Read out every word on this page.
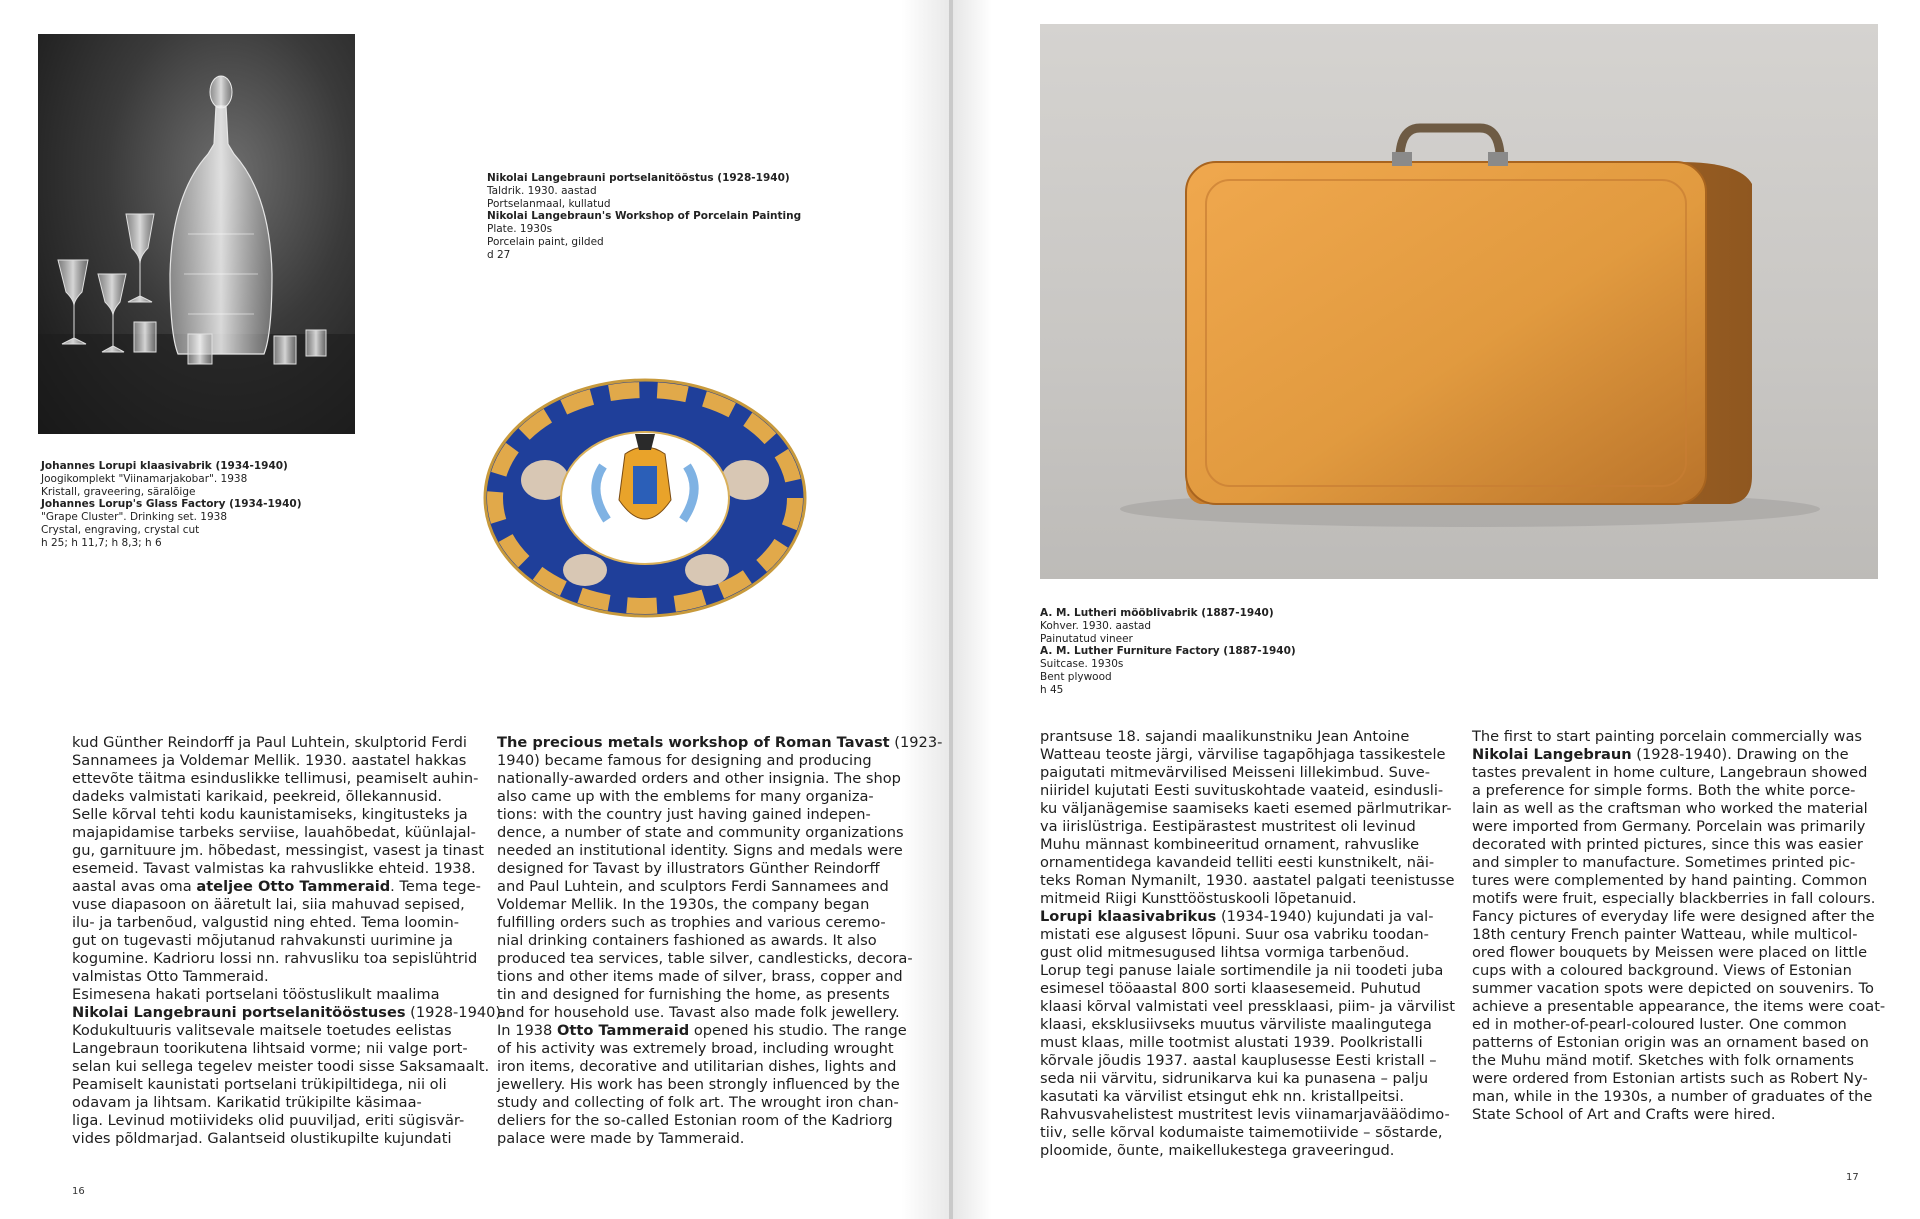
Johannes Lorupi klaasivabrik (1934-1940)
Joogikomplekt "Viinamarjakobar". 1938
Kristall, graveering, säralõige
Johannes Lorup's Glass Factory (1934-1940)
"Grape Cluster". Drinking set. 1938
Crystal, engraving, crystal cut
h 25; h 11,7; h 8,3; h 6
Nikolai Langebrauni portselanitööstus (1928-1940)
Taldrik. 1930. aastad
Portselanmaal, kullatud
Nikolai Langebraun's Workshop of Porcelain Painting
Plate. 1930s
Porcelain paint, gilded
d 27
kud Günther Reindorff ja Paul Luhtein, skulptorid Ferdi
Sannamees ja Voldemar Mellik. 1930. aastatel hakkas
ettevõte täitma esinduslikke tellimusi, peamiselt auhin-
dadeks valmistati karikaid, peekreid, õllekannusid.
Selle kõrval tehti kodu kaunistamiseks, kingitusteks ja
majapidamise tarbeks serviise, lauahõbedat, küünlajal-
gu, garnituure jm. hõbedast, messingist, vasest ja tinast
esemeid. Tavast valmistas ka rahvuslikke ehteid. 1938.
aastal avas oma ateljee Otto Tammeraid. Tema tege-
vuse diapasoon on ääretult lai, siia mahuvad sepised,
ilu- ja tarbenõud, valgustid ning ehted. Tema loomin-
gut on tugevasti mõjutanud rahvakunsti uurimine ja
kogumine. Kadrioru lossi nn. rahvusliku toa sepislühtrid
valmistas Otto Tammeraid.
Esimesena hakati portselani tööstuslikult maalima
Nikolai Langebrauni portselanitööstuses (1928-1940).
Kodukultuuris valitsevale maitsele toetudes eelistas
Langebraun toorikutena lihtsaid vorme; nii valge port-
selan kui sellega tegelev meister toodi sisse Saksamaalt.
Peamiselt kaunistati portselani trükipiltidega, nii oli
odavam ja lihtsam. Karikatid trükipilte käsimaa-
liga. Levinud motiivideks olid puuviljad, eriti sügisvär-
vides põldmarjad. Galantseid olustikupilte kujundati
The precious metals workshop of Roman Tavast (1923-
1940) became famous for designing and producing
nationally-awarded orders and other insignia. The shop
also came up with the emblems for many organiza-
tions: with the country just having gained indepen-
dence, a number of state and community organizations
needed an institutional identity. Signs and medals were
designed for Tavast by illustrators Günther Reindorff
and Paul Luhtein, and sculptors Ferdi Sannamees and
Voldemar Mellik. In the 1930s, the company began
fulfilling orders such as trophies and various ceremo-
nial drinking containers fashioned as awards. It also
produced tea services, table silver, candlesticks, decora-
tions and other items made of silver, brass, copper and
tin and designed for furnishing the home, as presents
and for household use. Tavast also made folk jewellery.
In 1938 Otto Tammeraid opened his studio. The range
of his activity was extremely broad, including wrought
iron items, decorative and utilitarian dishes, lights and
jewellery. His work has been strongly influenced by the
study and collecting of folk art. The wrought iron chan-
deliers for the so-called Estonian room of the Kadriorg
palace were made by Tammeraid.
16
A. M. Lutheri mööblivabrik (1887-1940)
Kohver. 1930. aastad
Painutatud vineer
A. M. Luther Furniture Factory (1887-1940)
Suitcase. 1930s
Bent plywood
h 45
prantsuse 18. sajandi maalikunstniku Jean Antoine
Watteau teoste järgi, värvilise tagapõhjaga tassikestele
paigutati mitmevärvilised Meisseni lillekimbud. Suve-
niiridel kujutati Eesti suvituskohtade vaateid, esindusli-
ku väljanägemise saamiseks kaeti esemed pärlmutrikar-
va iirislüstriga. Eestipärastest mustritest oli levinud
Muhu männast kombineeritud ornament, rahvuslike
ornamentidega kavandeid telliti eesti kunstnikelt, näi-
teks Roman Nymanilt, 1930. aastatel palgati teenistusse
mitmeid Riigi Kunsttööstuskooli lõpetanuid.
Lorupi klaasivabrikus (1934-1940) kujundati ja val-
mistati ese algusest lõpuni. Suur osa vabriku toodan-
gust olid mitmesugused lihtsa vormiga tarbenõud.
Lorup tegi panuse laiale sortimendile ja nii toodeti juba
esimesel tööaastal 800 sorti klaasesemeid. Puhutud
klaasi kõrval valmistati veel pressklaasi, piim- ja värvilist
klaasi, eksklusiivseks muutus värviliste maalingutega
must klaas, mille tootmist alustati 1939. Poolkristalli
kõrvale jõudis 1937. aastal kauplusesse Eesti kristall –
seda nii värvitu, sidrunikarva kui ka punasena – palju
kasutati ka värvilist etsingut ehk nn. kristallpeitsi.
Rahvusvahelistest mustritest levis viinamarjavääödimo-
tiiv, selle kõrval kodumaiste taimemotiivide – sõstarde,
ploomide, õunte, maikellukestega graveeringud.
The first to start painting porcelain commercially was
Nikolai Langebraun (1928-1940). Drawing on the
tastes prevalent in home culture, Langebraun showed
a preference for simple forms. Both the white porce-
lain as well as the craftsman who worked the material
were imported from Germany. Porcelain was primarily
decorated with printed pictures, since this was easier
and simpler to manufacture. Sometimes printed pic-
tures were complemented by hand painting. Common
motifs were fruit, especially blackberries in fall colours.
Fancy pictures of everyday life were designed after the
18th century French painter Watteau, while multicol-
ored flower bouquets by Meissen were placed on little
cups with a coloured background. Views of Estonian
summer vacation spots were depicted on souvenirs. To
achieve a presentable appearance, the items were coat-
ed in mother-of-pearl-coloured luster. One common
patterns of Estonian origin was an ornament based on
the Muhu mänd motif. Sketches with folk ornaments
were ordered from Estonian artists such as Robert Ny-
man, while in the 1930s, a number of graduates of the
State School of Art and Crafts were hired.
17
